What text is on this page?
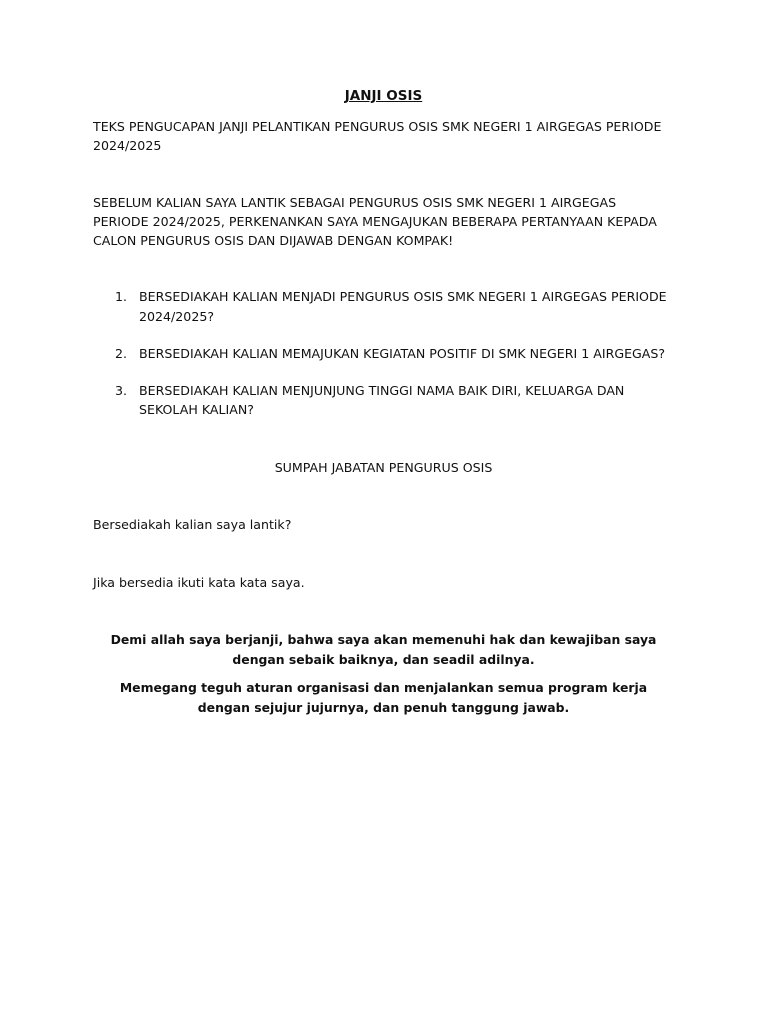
JANJI OSIS
TEKS PENGUCAPAN JANJI PELANTIKAN PENGURUS OSIS SMK NEGERI 1 AIRGEGAS PERIODE 2024/2025
SEBELUM KALIAN SAYA LANTIK SEBAGAI PENGURUS OSIS SMK NEGERI 1 AIRGEGAS PERIODE 2024/2025, PERKENANKAN SAYA MENGAJUKAN BEBERAPA PERTANYAAN KEPADA CALON PENGURUS OSIS DAN DIJAWAB DENGAN KOMPAK!
1. BERSEDIAKAH KALIAN MENJADI PENGURUS OSIS SMK NEGERI 1 AIRGEGAS PERIODE 2024/2025?
2. BERSEDIAKAH KALIAN MEMAJUKAN KEGIATAN POSITIF DI SMK NEGERI 1 AIRGEGAS?
3. BERSEDIAKAH KALIAN MENJUNJUNG TINGGI NAMA BAIK DIRI, KELUARGA DAN SEKOLAH KALIAN?
SUMPAH JABATAN PENGURUS OSIS
Bersediakah kalian saya lantik?
Jika bersedia ikuti kata kata saya.
Demi allah saya berjanji, bahwa saya akan memenuhi hak dan kewajiban saya dengan sebaik baiknya, dan seadil adilnya.
Memegang teguh aturan organisasi dan menjalankan semua program kerja dengan sejujur jujurnya, dan penuh tanggung jawab.
